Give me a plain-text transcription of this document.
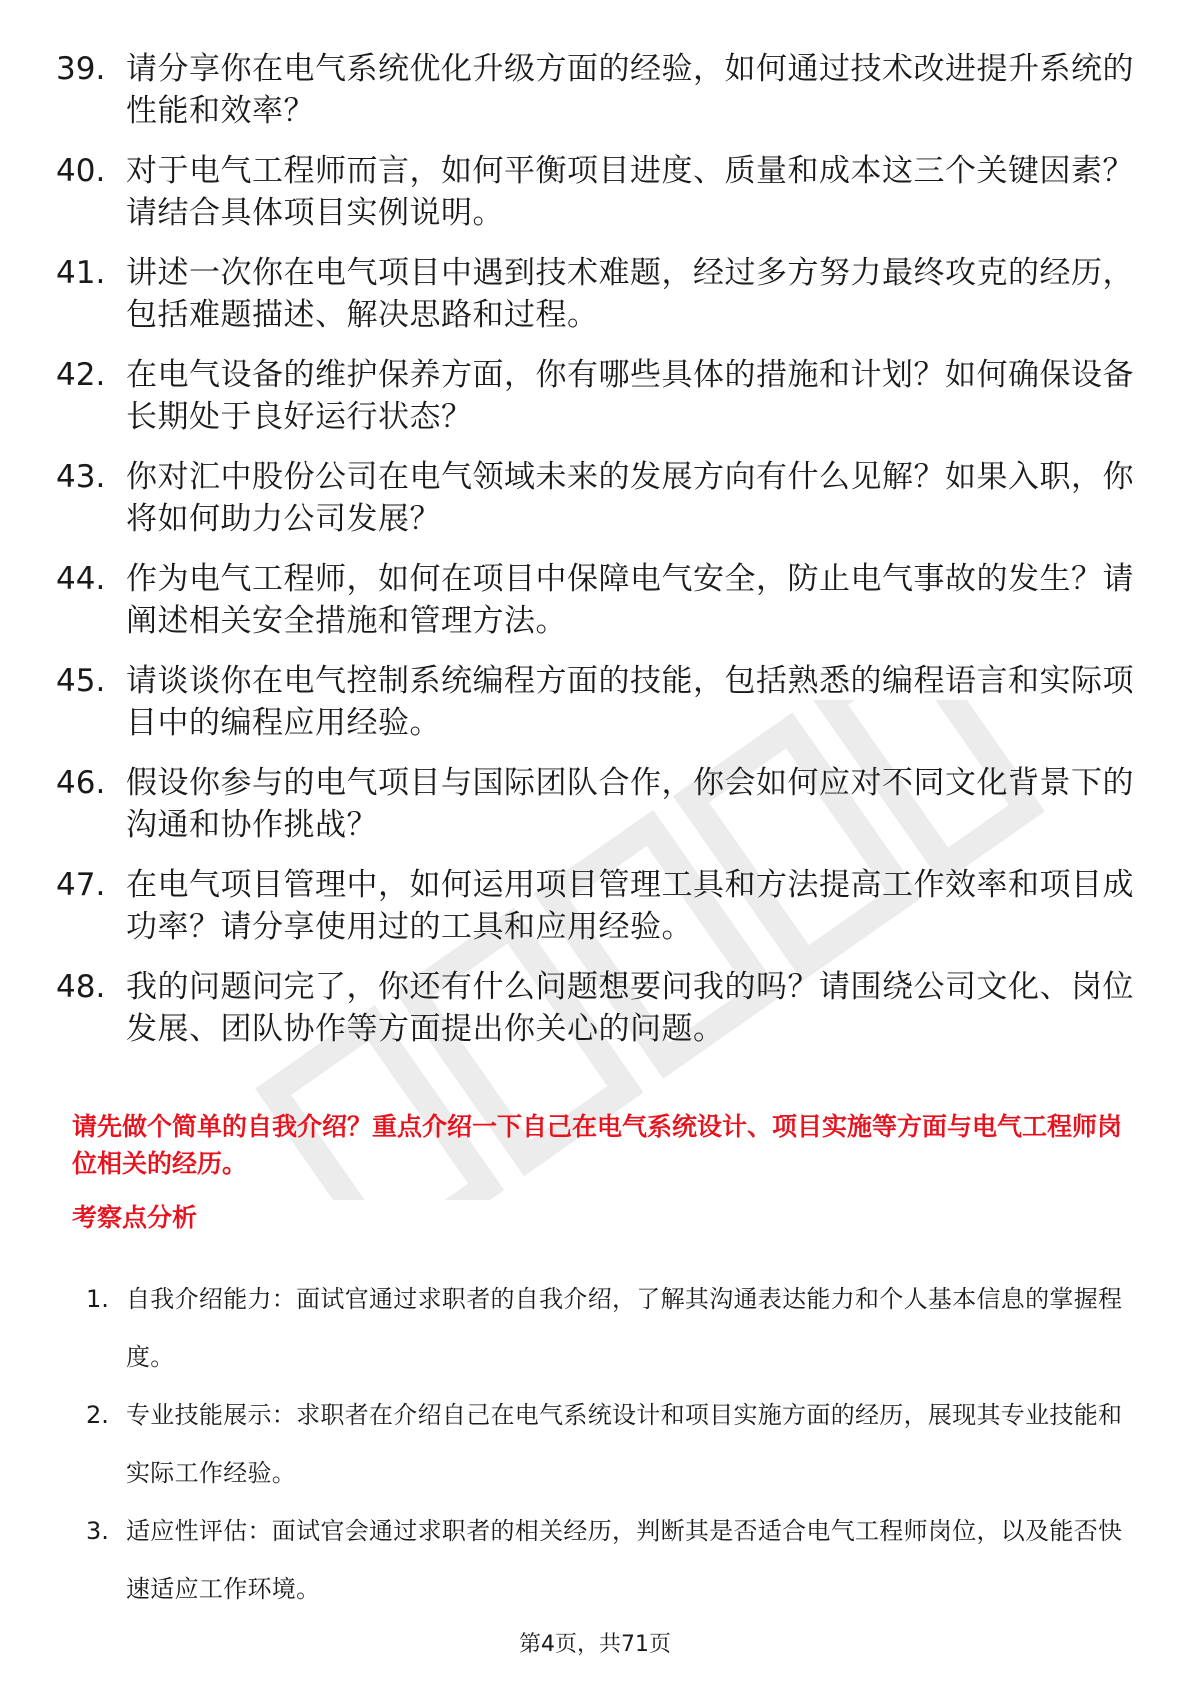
39. 请分享你在电气系统优化升级方面的经验，如何通过技术改进提升系统的性能和效率？
40. 对于电气工程师而言，如何平衡项目进度、质量和成本这三个关键因素？请结合具体项目实例说明。
41. 讲述一次你在电气项目中遇到技术难题，经过多方努力最终攻克的经历，包括难题描述、解决思路和过程。
42. 在电气设备的维护保养方面，你有哪些具体的措施和计划？如何确保设备长期处于良好运行状态？
43. 你对汇中股份公司在电气领域未来的发展方向有什么见解？如果入职，你将如何助力公司发展？
44. 作为电气工程师，如何在项目中保障电气安全，防止电气事故的发生？请阐述相关安全措施和管理方法。
45. 请谈谈你在电气控制系统编程方面的技能，包括熟悉的编程语言和实际项目中的编程应用经验。
46. 假设你参与的电气项目与国际团队合作，你会如何应对不同文化背景下的沟通和协作挑战？
47. 在电气项目管理中，如何运用项目管理工具和方法提高工作效率和项目成功率？请分享使用过的工具和应用经验。
48. 我的问题问完了，你还有什么问题想要问我的吗？请围绕公司文化、岗位发展、团队协作等方面提出你关心的问题。
请先做个简单的自我介绍？重点介绍一下自己在电气系统设计、项目实施等方面与电气工程师岗位相关的经历。
考察点分析
1. 自我介绍能力：面试官通过求职者的自我介绍，了解其沟通表达能力和个人基本信息的掌握程度。
2. 专业技能展示：求职者在介绍自己在电气系统设计和项目实施方面的经历，展现其专业技能和实际工作经验。
3. 适应性评估：面试官会通过求职者的相关经历，判断其是否适合电气工程师岗位，以及能否快速适应工作环境。
第4页，共71页
